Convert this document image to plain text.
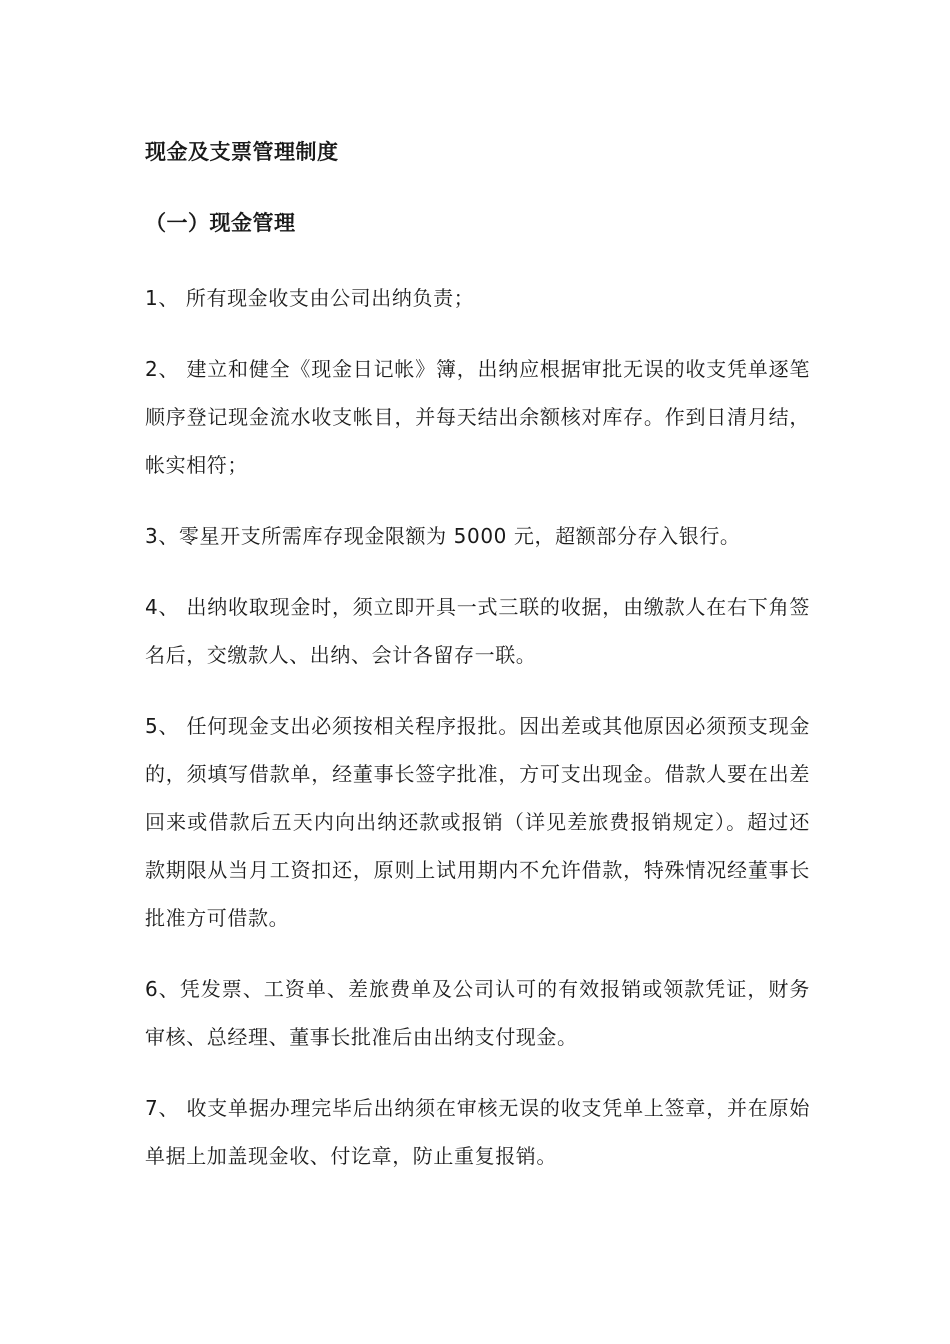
现金及支票管理制度
（一）现金管理

1、 所有现金收支由公司出纳负责；

2、 建立和健全《现金日记帐》簿，出纳应根据审批无误的收支凭单逐笔顺序登记现金流水收支帐目，并每天结出余额核对库存。作到日清月结，帐实相符；

3、零星开支所需库存现金限额为 5000 元，超额部分存入银行。

4、 出纳收取现金时，须立即开具一式三联的收据，由缴款人在右下角签名后，交缴款人、出纳、会计各留存一联。

5、 任何现金支出必须按相关程序报批。因出差或其他原因必须预支现金的，须填写借款单，经董事长签字批准，方可支出现金。借款人要在出差回来或借款后五天内向出纳还款或报销（详见差旅费报销规定）。超过还款期限从当月工资扣还，原则上试用期内不允许借款，特殊情况经董事长批准方可借款。

6、凭发票、工资单、差旅费单及公司认可的有效报销或领款凭证，财务审核、总经理、董事长批准后由出纳支付现金。

7、 收支单据办理完毕后出纳须在审核无误的收支凭单上签章，并在原始单据上加盖现金收、付讫章，防止重复报销。
